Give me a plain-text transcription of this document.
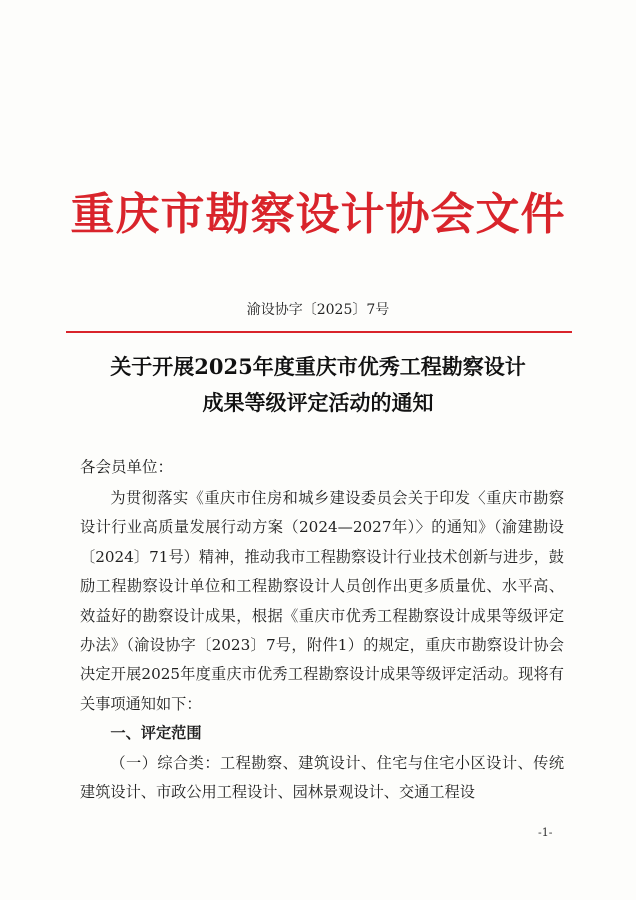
重庆市勘察设计协会文件
渝设协字〔2025〕7号
关于开展2025年度重庆市优秀工程勘察设计
成果等级评定活动的通知
各会员单位：

为贯彻落实《重庆市住房和城乡建设委员会关于印发〈重庆市勘察设计行业高质量发展行动方案（2024—2027年）〉的通知》（渝建勘设〔2024〕71号）精神，推动我市工程勘察设计行业技术创新与进步，鼓励工程勘察设计单位和工程勘察设计人员创作出更多质量优、水平高、效益好的勘察设计成果，根据《重庆市优秀工程勘察设计成果等级评定办法》（渝设协字〔2023〕7号，附件1）的规定，重庆市勘察设计协会决定开展2025年度重庆市优秀工程勘察设计成果等级评定活动。现将有关事项通知如下：

一、评定范围

（一）综合类：工程勘察、建筑设计、住宅与住宅小区设计、传统建筑设计、市政公用工程设计、园林景观设计、交通工程设

-1-
